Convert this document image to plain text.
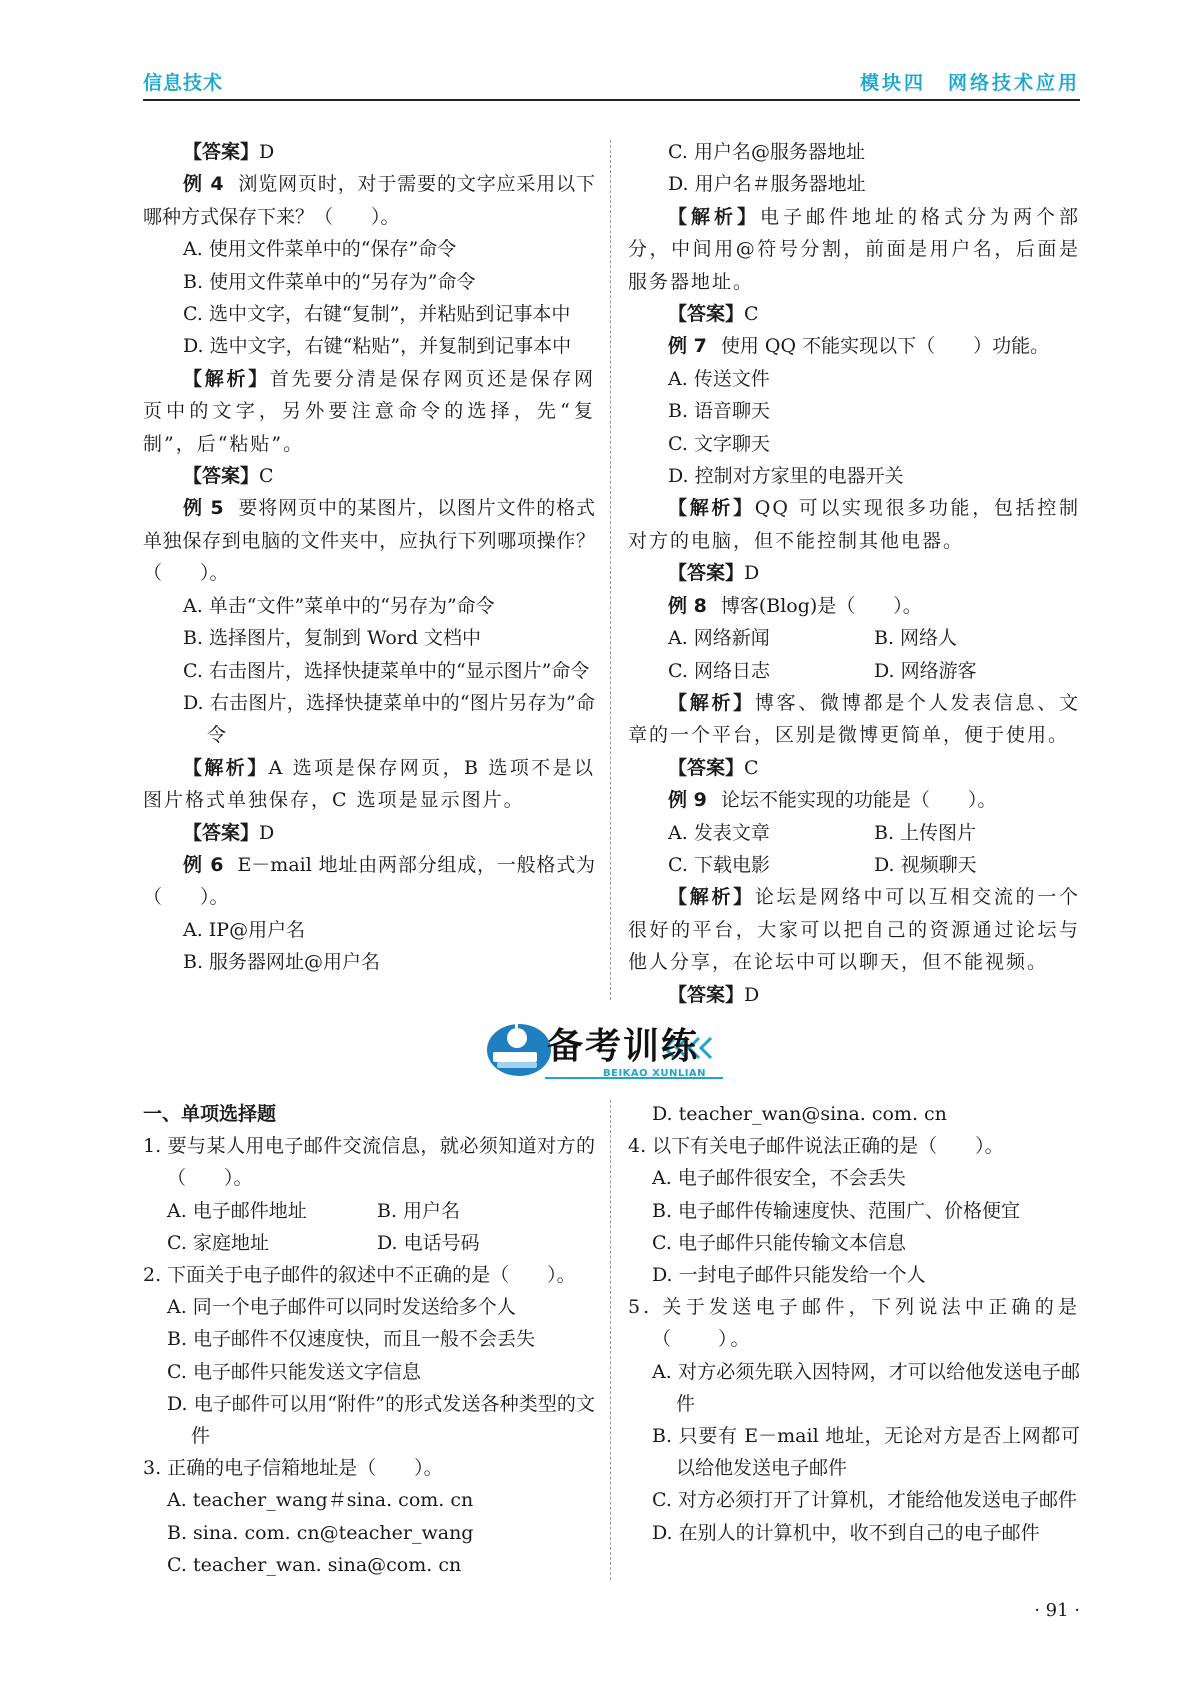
信息技术	模块四 网络技术应用

【答案】D

例 4 浏览网页时，对于需要的文字应采用以下哪种方式保存下来？（　　）。

A. 使用文件菜单中的“保存”命令

B. 使用文件菜单中的“另存为”命令

C. 选中文字，右键“复制”，并粘贴到记事本中

D. 选中文字，右键“粘贴”，并复制到记事本中

【解析】首先要分清是保存网页还是保存网页中的文字，另外要注意命令的选择，先“复制”，后“粘贴”。

【答案】C

例 5 要将网页中的某图片，以图片文件的格式单独保存到电脑的文件夹中，应执行下列哪项操作？（　　）。

A. 单击“文件”菜单中的“另存为”命令

B. 选择图片，复制到 Word 文档中

C. 右击图片，选择快捷菜单中的“显示图片”命令

D. 右击图片，选择快捷菜单中的“图片另存为”命令

【解析】A 选项是保存网页，B 选项不是以图片格式单独保存，C 选项是显示图片。

【答案】D

例 6 E－mail 地址由两部分组成，一般格式为（　　）。

A. IP@用户名

B. 服务器网址@用户名

C. 用户名@服务器地址

D. 用户名＃服务器地址

【解析】电子邮件地址的格式分为两个部分，中间用@符号分割，前面是用户名，后面是服务器地址。

【答案】C

例 7 使用 QQ 不能实现以下（　　）功能。

A. 传送文件

B. 语音聊天

C. 文字聊天

D. 控制对方家里的电器开关

【解析】QQ 可以实现很多功能，包括控制对方的电脑，但不能控制其他电器。

【答案】D

例 8 博客(Blog)是（　　）。

A. 网络新闻	B. 网络人
C. 网络日志	D. 网络游客

【解析】博客、微博都是个人发表信息、文章的一个平台，区别是微博更简单，便于使用。

【答案】C

例 9 论坛不能实现的功能是（　　）。

A. 发表文章	B. 上传图片
C. 下载电影	D. 视频聊天

【解析】论坛是网络中可以互相交流的一个很好的平台，大家可以把自己的资源通过论坛与他人分享，在论坛中可以聊天，但不能视频。

【答案】D

备考训练
BEIKAO XUNLIAN

一、单项选择题

1. 要与某人用电子邮件交流信息，就必须知道对方的（　　）。

A. 电子邮件地址	B. 用户名
C. 家庭地址	D. 电话号码

2. 下面关于电子邮件的叙述中不正确的是（　　）。

A. 同一个电子邮件可以同时发送给多个人

B. 电子邮件不仅速度快，而且一般不会丢失

C. 电子邮件只能发送文字信息

D. 电子邮件可以用“附件”的形式发送各种类型的文件

3. 正确的电子信箱地址是（　　）。

A. teacher_wang＃sina. com. cn

B. sina. com. cn@teacher_wang

C. teacher_wan. sina@com. cn

D. teacher_wan@sina. com. cn

4. 以下有关电子邮件说法正确的是（　　）。

A. 电子邮件很安全，不会丢失

B. 电子邮件传输速度快、范围广、价格便宜

C. 电子邮件只能传输文本信息

D. 一封电子邮件只能发给一个人

5. 关于发送电子邮件，下列说法中正确的是（　　）。

A. 对方必须先联入因特网，才可以给他发送电子邮件

B. 只要有 E－mail 地址，无论对方是否上网都可以给他发送电子邮件

C. 对方必须打开了计算机，才能给他发送电子邮件

D. 在别人的计算机中，收不到自己的电子邮件

· 91 ·
